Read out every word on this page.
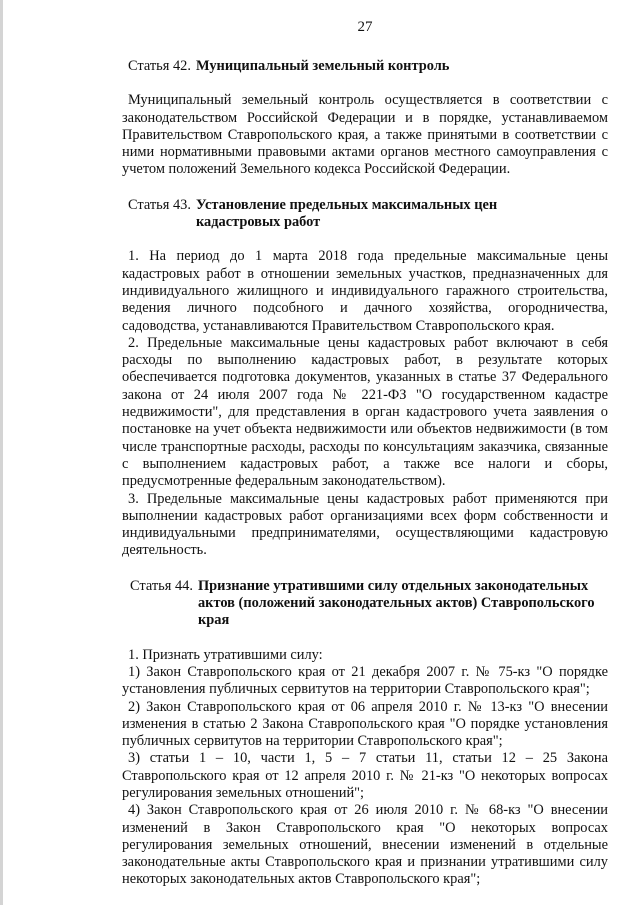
27
Статья 42. Муниципальный земельный контроль

Муниципальный земельный контроль осуществляется в соответствии с законодательством Российской Федерации и в порядке, устанавливаемом Правительством Ставропольского края, а также принятыми в соответствии с ними нормативными правовыми актами органов местного самоуправления с учетом положений Земельного кодекса Российской Федерации.

Статья 43. Установление предельных максимальных цен кадастровых работ

1. На период до 1 марта 2018 года предельные максимальные цены кадастровых работ в отношении земельных участков, предназначенных для индивидуального жилищного и индивидуального гаражного строительства, ведения личного подсобного и дачного хозяйства, огородничества, садоводства, устанавливаются Правительством Ставропольского края.

2. Предельные максимальные цены кадастровых работ включают в себя расходы по выполнению кадастровых работ, в результате которых обеспечивается подготовка документов, указанных в статье 37 Федерального закона от 24 июля 2007 года № 221-ФЗ "О государственном кадастре недвижимости", для представления в орган кадастрового учета заявления о постановке на учет объекта недвижимости или объектов недвижимости (в том числе транспортные расходы, расходы по консультациям заказчика, связанные с выполнением кадастровых работ, а также все налоги и сборы, предусмотренные федеральным законодательством).

3. Предельные максимальные цены кадастровых работ применяются при выполнении кадастровых работ организациями всех форм собственности и индивидуальными предпринимателями, осуществляющими кадастровую деятельность.

Статья 44. Признание утратившими силу отдельных законодательных актов (положений законодательных актов) Ставропольского края

1. Признать утратившими силу:

1) Закон Ставропольского края от 21 декабря 2007 г. № 75-кз "О порядке установления публичных сервитутов на территории Ставропольского края";

2) Закон Ставропольского края от 06 апреля 2010 г. № 13-кз "О внесении изменения в статью 2 Закона Ставропольского края "О порядке установления публичных сервитутов на территории Ставропольского края";

3) статьи 1 – 10, части 1, 5 – 7 статьи 11, статьи 12 – 25 Закона Ставропольского края от 12 апреля 2010 г. № 21-кз "О некоторых вопросах регулирования земельных отношений";

4) Закон Ставропольского края от 26 июля 2010 г. № 68-кз "О внесении изменений в Закон Ставропольского края "О некоторых вопросах регулирования земельных отношений, внесении изменений в отдельные законодательные акты Ставропольского края и признании утратившими силу некоторых законодательных актов Ставропольского края";
